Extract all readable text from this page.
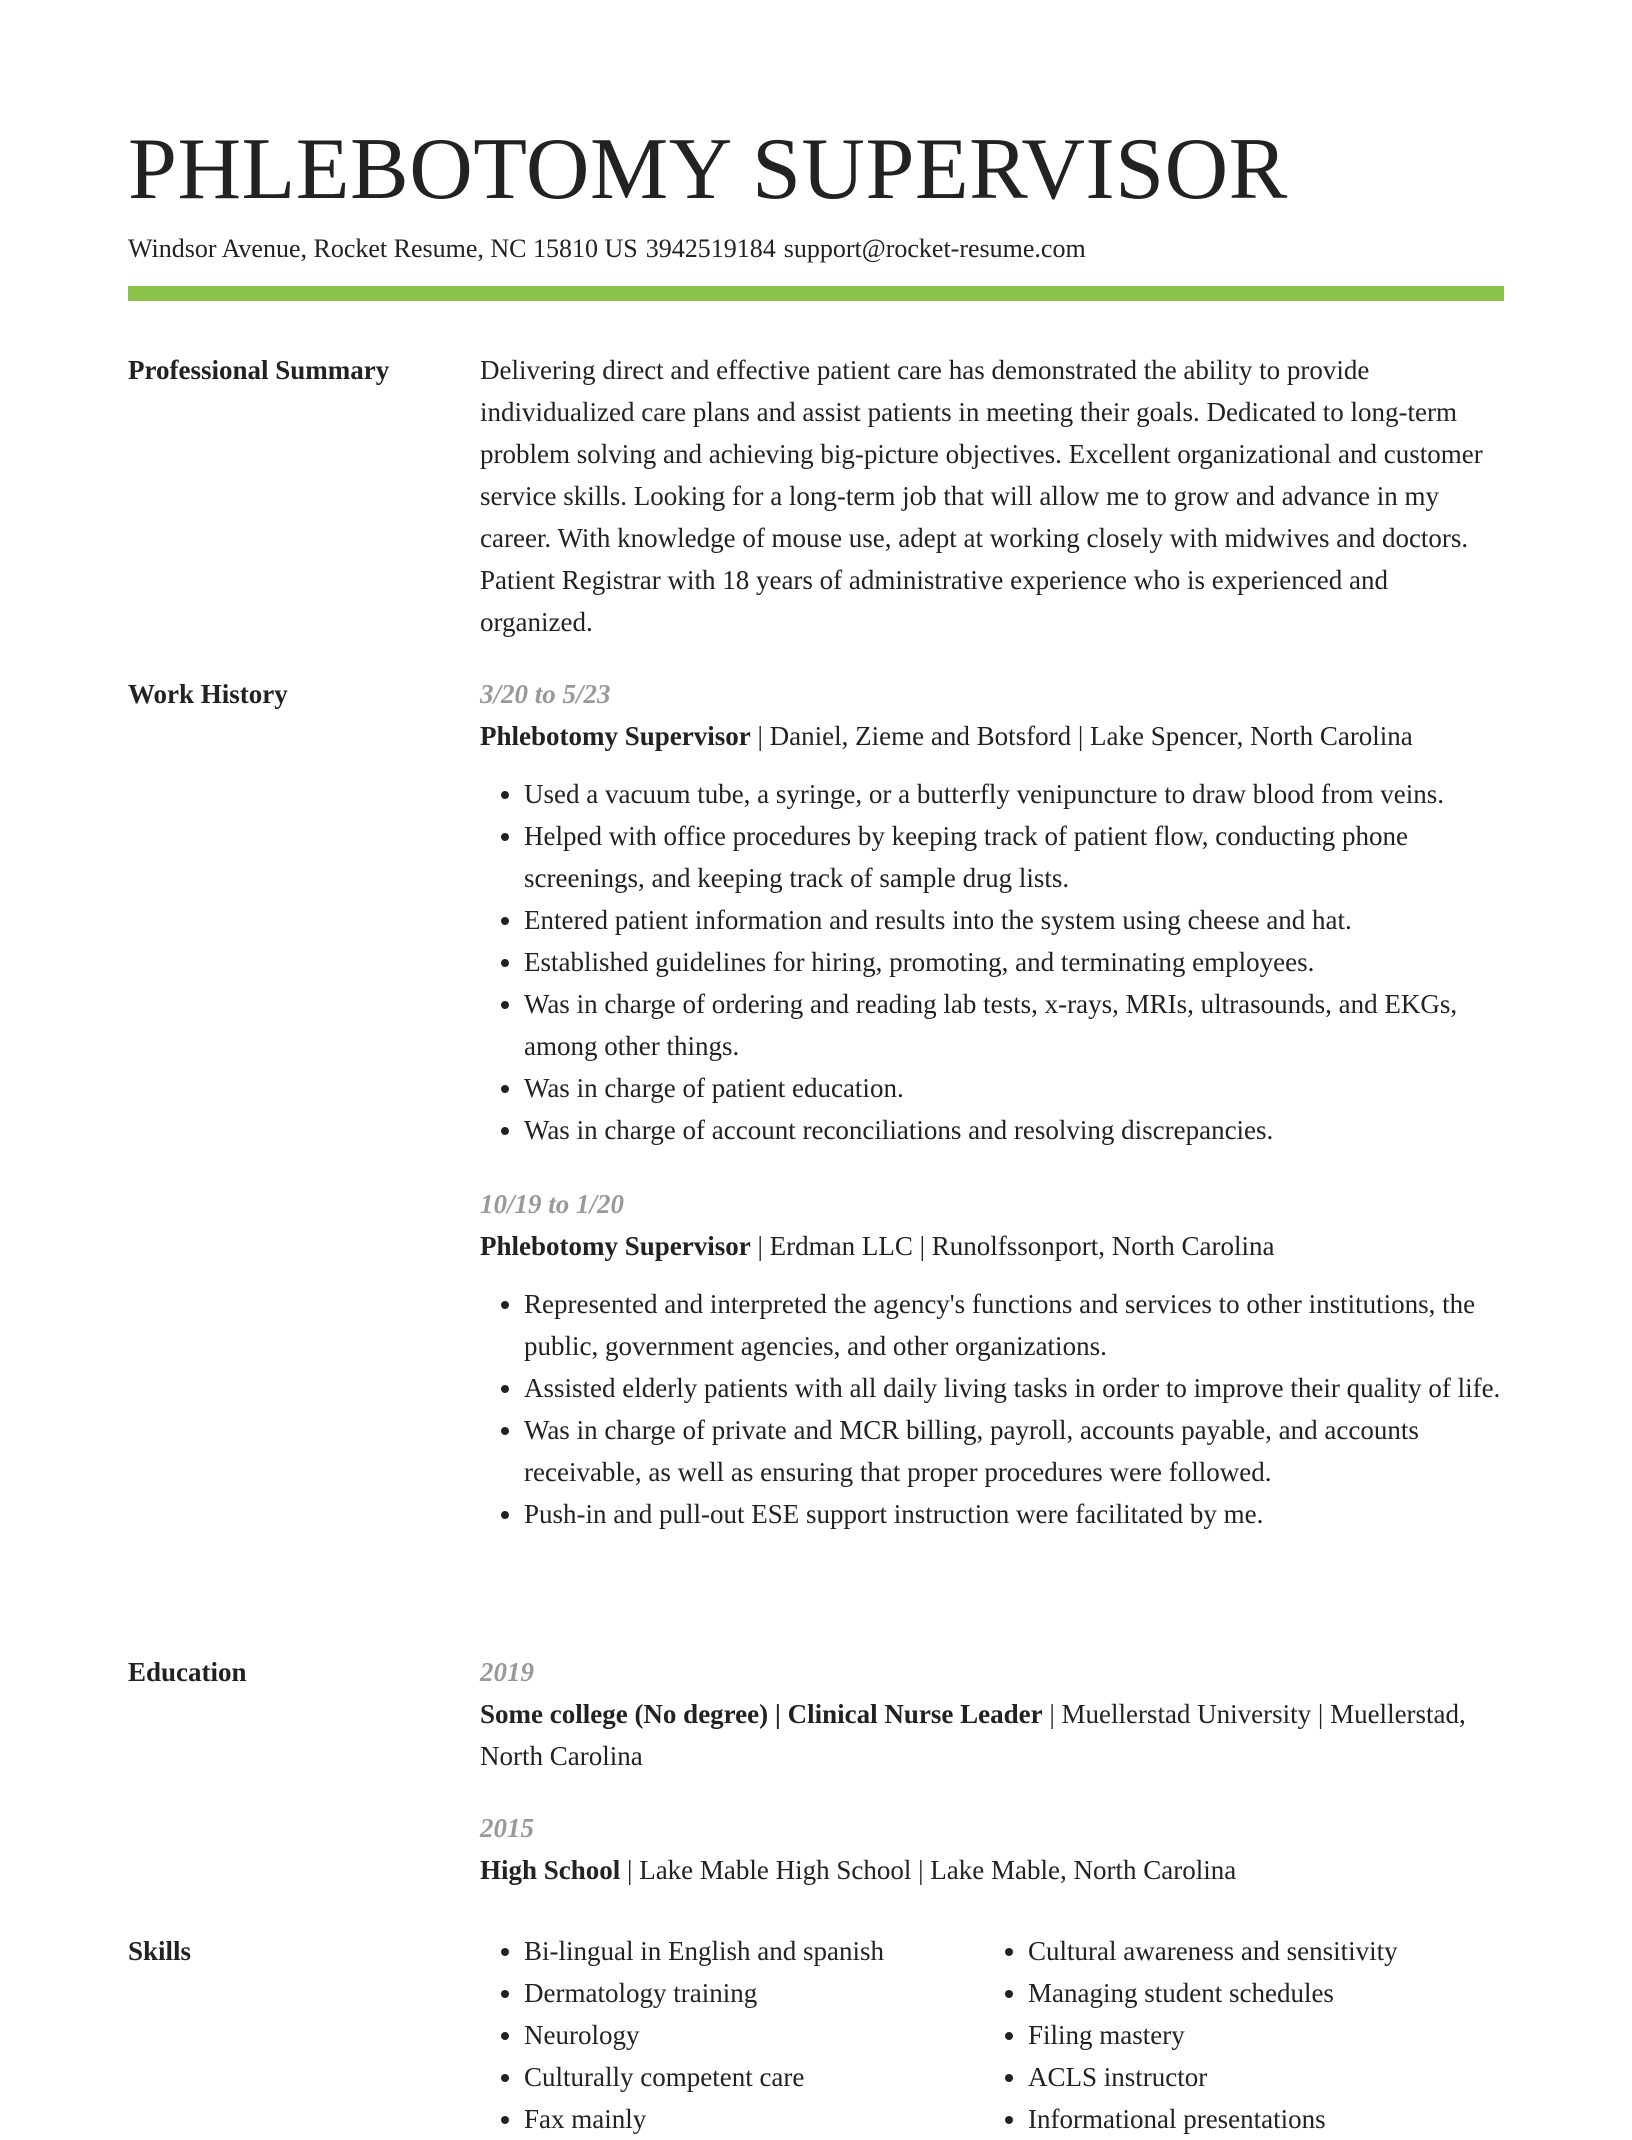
PHLEBOTOMY SUPERVISOR
Windsor Avenue, Rocket Resume, NC 15810 US 3942519184 support@rocket-resume.com
Professional Summary	Delivering direct and effective patient care has demonstrated the ability to provide individualized care plans and assist patients in meeting their goals. Dedicated to long-term problem solving and achieving big-picture objectives. Excellent organizational and customer service skills. Looking for a long-term job that will allow me to grow and advance in my career. With knowledge of mouse use, adept at working closely with midwives and doctors. Patient Registrar with 18 years of administrative experience who is experienced and organized.

Work History	3/20 to 5/23
Phlebotomy Supervisor | Daniel, Zieme and Botsford | Lake Spencer, North Carolina
• Used a vacuum tube, a syringe, or a butterfly venipuncture to draw blood from veins.
• Helped with office procedures by keeping track of patient flow, conducting phone screenings, and keeping track of sample drug lists.
• Entered patient information and results into the system using cheese and hat.
• Established guidelines for hiring, promoting, and terminating employees.
• Was in charge of ordering and reading lab tests, x-rays, MRIs, ultrasounds, and EKGs, among other things.
• Was in charge of patient education.
• Was in charge of account reconciliations and resolving discrepancies.
10/19 to 1/20
Phlebotomy Supervisor | Erdman LLC | Runolfssonport, North Carolina
• Represented and interpreted the agency's functions and services to other institutions, the public, government agencies, and other organizations.
• Assisted elderly patients with all daily living tasks in order to improve their quality of life.
• Was in charge of private and MCR billing, payroll, accounts payable, and accounts receivable, as well as ensuring that proper procedures were followed.
• Push-in and pull-out ESE support instruction were facilitated by me.
Education	2019
Some college (No degree) | Clinical Nurse Leader | Muellerstad University | Muellerstad, North Carolina
2015
High School | Lake Mable High School | Lake Mable, North Carolina
Skills
•	Bi-lingual in English and spanish
• Dermatology training
• Neurology
• Culturally competent care
• Fax mainly
• Cultural awareness and sensitivity
• Managing student schedules
• Filing mastery
• ACLS instructor
• Informational presentations
